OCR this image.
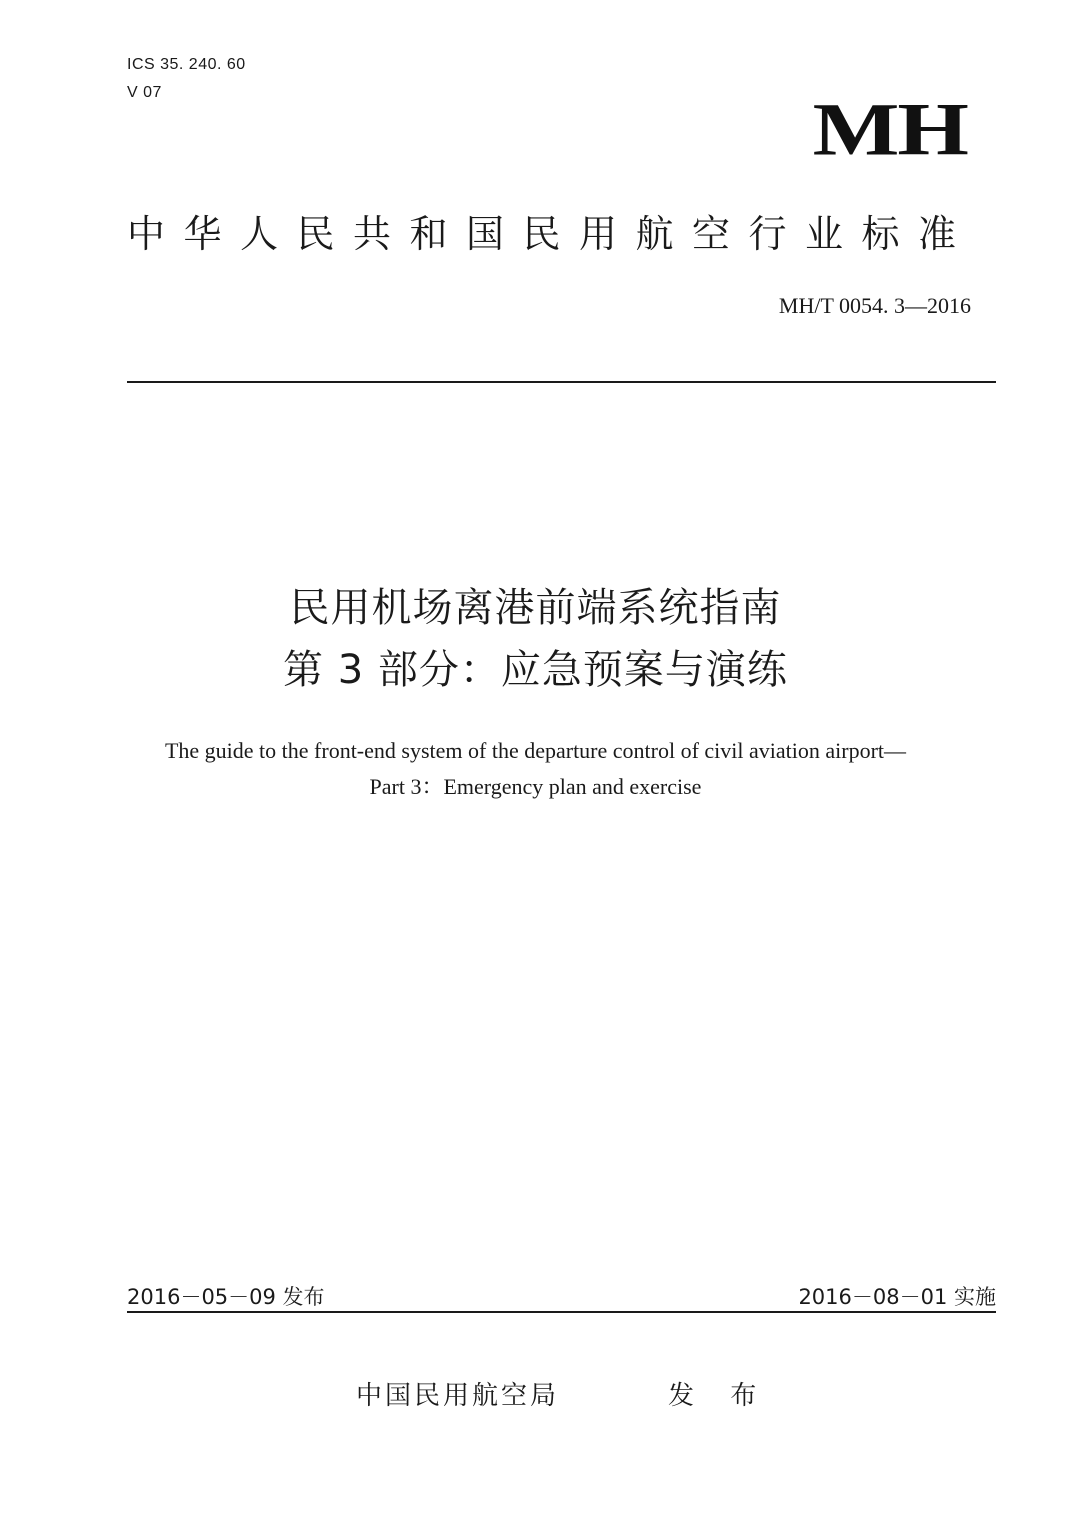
ICS 35. 240. 60
V 07	MH
中华人民共和国民用航空行业标准
MH/T 0054. 3—2016
民用机场离港前端系统指南
第 3 部分：应急预案与演练
The guide to the front-end system of the departure control of civil aviation airport—
Part 3：Emergency plan and exercise
2016－05－09 发布	2016－08－01 实施
中国民用航空局	发 布
